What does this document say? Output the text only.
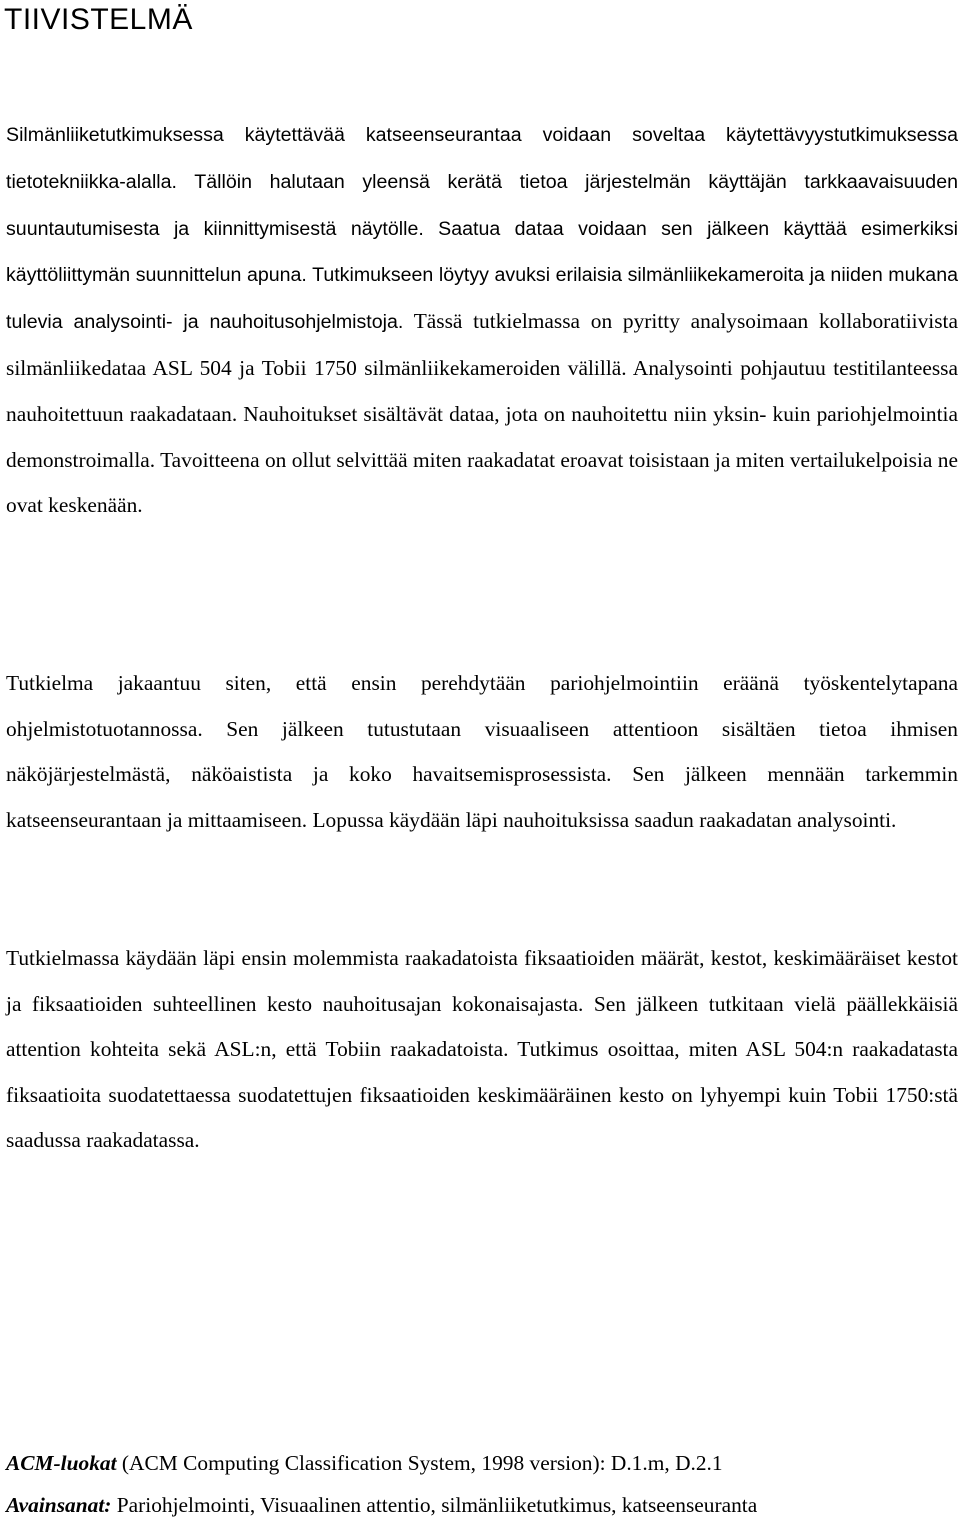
TIIVISTELMÄ

Silmänliiketutkimuksessa käytettävää katseenseurantaa voidaan soveltaa käytettävyystutkimuksessa tietotekniikka-alalla. Tällöin halutaan yleensä kerätä tietoa järjestelmän käyttäjän tarkkaavaisuuden suuntautumisesta ja kiinnittymisestä näytölle. Saatua dataa voidaan sen jälkeen käyttää esimerkiksi käyttöliittymän suunnittelun apuna. Tutkimukseen löytyy avuksi erilaisia silmänliikekameroita ja niiden mukana tulevia analysointi- ja nauhoitusohjelmistoja. Tässä tutkielmassa on pyritty analysoimaan kollaboratiivista silmänliikedataa ASL 504 ja Tobii 1750 silmänliikekameroiden välillä. Analysointi pohjautuu testitilanteessa nauhoitettuun raakadataan. Nauhoitukset sisältävät dataa, jota on nauhoitettu niin yksin- kuin pariohjelmointia demonstroimalla. Tavoitteena on ollut selvittää miten raakadatat eroavat toisistaan ja miten vertailukelpoisia ne ovat keskenään.

Tutkielma jakaantuu siten, että ensin perehdytään pariohjelmointiin eräänä työskentelytapana ohjelmistotuotannossa. Sen jälkeen tutustutaan visuaaliseen attentioon sisältäen tietoa ihmisen näköjärjestelmästä, näköaistista ja koko havaitsemisprosessista. Sen jälkeen mennään tarkemmin katseenseurantaan ja mittaamiseen. Lopussa käydään läpi nauhoituksissa saadun raakadatan analysointi.

Tutkielmassa käydään läpi ensin molemmista raakadatoista fiksaatioiden määrät, kestot, keskimääräiset kestot ja fiksaatioiden suhteellinen kesto nauhoitusajan kokonaisajasta. Sen jälkeen tutkitaan vielä päällekkäisiä attention kohteita sekä ASL:n, että Tobiin raakadatoista. Tutkimus osoittaa, miten ASL 504:n raakadatasta fiksaatioita suodatettaessa suodatettujen fiksaatioiden keskimääräinen kesto on lyhyempi kuin Tobii 1750:stä saadussa raakadatassa.

ACM-luokat (ACM Computing Classification System, 1998 version): D.1.m, D.2.1

Avainsanat: Pariohjelmointi, Visuaalinen attentio, silmänliiketutkimus, katseenseuranta
